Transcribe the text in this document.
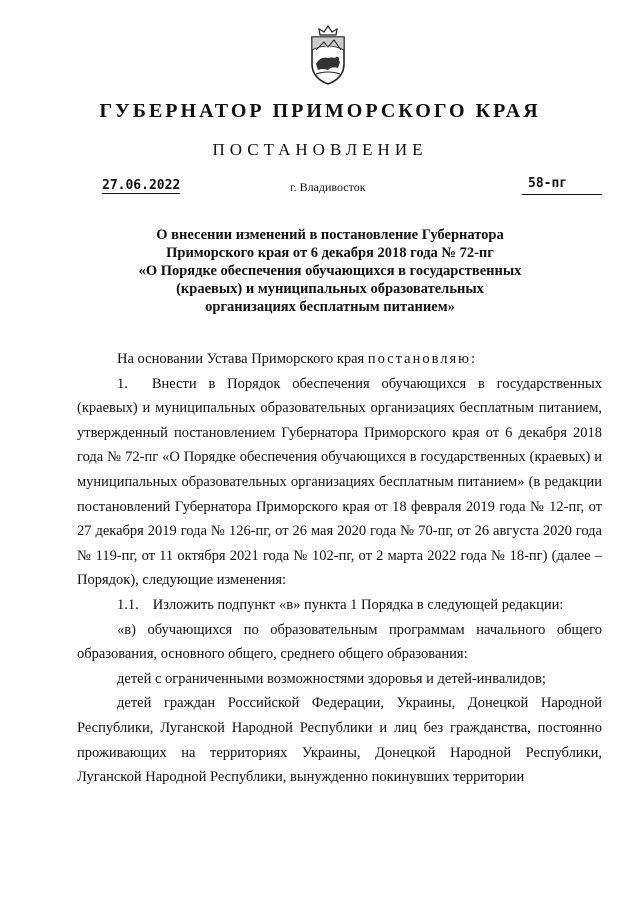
ГУБЕРНАТОР ПРИМОРСКОГО КРАЯ
ПОСТАНОВЛЕНИЕ
27.06.2022	г. Владивосток	58-пг
О внесении изменений в постановление Губернатора
Приморского края от 6 декабря 2018 года № 72-пг
«О Порядке обеспечения обучающихся в государственных
(краевых) и муниципальных образовательных
организациях бесплатным питанием»

На основании Устава Приморского края постановляю:

1. Внести в Порядок обеспечения обучающихся в государственных (краевых) и муниципальных образовательных организациях бесплатным питанием, утвержденный постановлением Губернатора Приморского края от 6 декабря 2018 года № 72-пг «О Порядке обеспечения обучающихся в государственных (краевых) и муниципальных образовательных организациях бесплатным питанием» (в редакции постановлений Губернатора Приморского края от 18 февраля 2019 года № 12-пг, от 27 декабря 2019 года № 126-пг, от 26 мая 2020 года № 70-пг, от 26 августа 2020 года № 119-пг, от 11 октября 2021 года № 102-пг, от 2 марта 2022 года № 18-пг) (далее – Порядок), следующие изменения:

1.1. Изложить подпункт «в» пункта 1 Порядка в следующей редакции:

«в) обучающихся по образовательным программам начального общего образования, основного общего, среднего общего образования:

детей с ограниченными возможностями здоровья и детей-инвалидов;

детей граждан Российской Федерации, Украины, Донецкой Народной Республики, Луганской Народной Республики и лиц без гражданства, постоянно проживающих на территориях Украины, Донецкой Народной Республики, Луганской Народной Республики, вынужденно покинувших территории
